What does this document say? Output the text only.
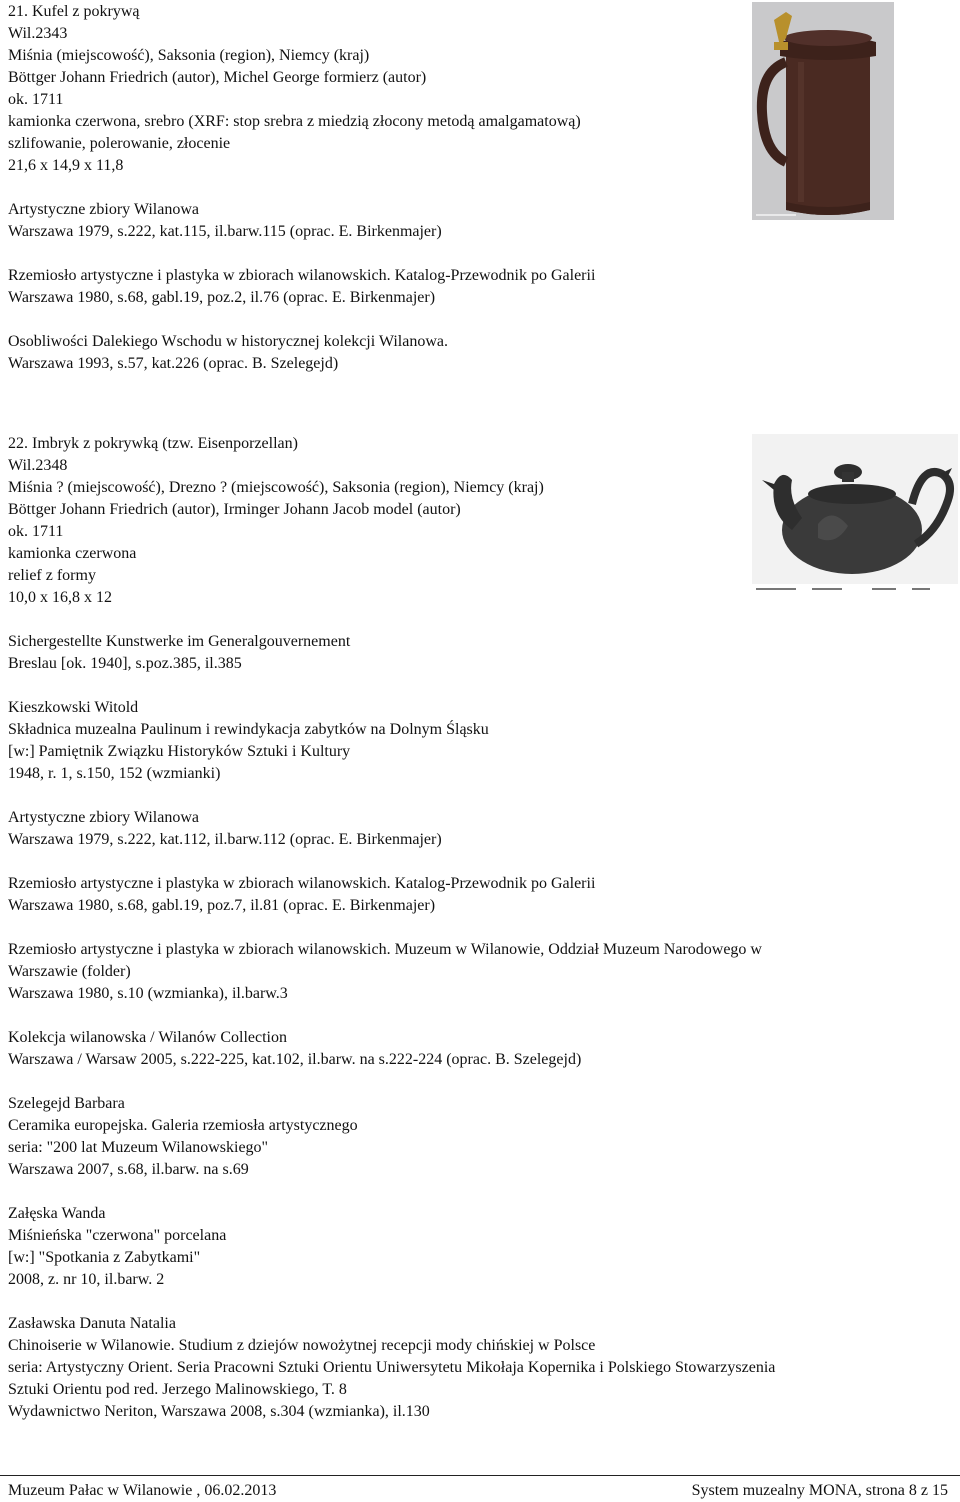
21. Kufel z pokrywą
Wil.2343
Miśnia (miejscowość), Saksonia (region), Niemcy (kraj)
Böttger Johann Friedrich (autor), Michel George formierz (autor)
ok. 1711
kamionka czerwona, srebro (XRF: stop srebra z miedzią złocony metodą amalgamatową)
szlifowanie, polerowanie, złocenie
21,6 x 14,9 x 11,8
Artystyczne zbiory Wilanowa
Warszawa 1979, s.222, kat.115, il.barw.115 (oprac. E. Birkenmajer)
Rzemiosło artystyczne i plastyka w zbiorach wilanowskich. Katalog-Przewodnik po Galerii
Warszawa 1980, s.68, gabl.19, poz.2, il.76 (oprac. E. Birkenmajer)
Osobliwości Dalekiego Wschodu w historycznej kolekcji Wilanowa.
Warszawa 1993, s.57, kat.226 (oprac. B. Szelegejd)
22. Imbryk z pokrywką (tzw. Eisenporzellan)
Wil.2348
Miśnia ? (miejscowość), Drezno ? (miejscowość), Saksonia (region), Niemcy (kraj)
Böttger Johann Friedrich (autor), Irminger Johann Jacob model (autor)
ok. 1711
kamionka czerwona
relief z formy
10,0 x 16,8 x 12
Sichergestellte Kunstwerke im Generalgouvernement
Breslau [ok. 1940], s.poz.385, il.385
Kieszkowski Witold
Składnica muzealna Paulinum i rewindykacja zabytków na Dolnym Śląsku
[w:] Pamiętnik Związku Historyków Sztuki i Kultury
1948, r. 1, s.150, 152 (wzmianki)
Artystyczne zbiory Wilanowa
Warszawa 1979, s.222, kat.112, il.barw.112 (oprac. E. Birkenmajer)
Rzemiosło artystyczne i plastyka w zbiorach wilanowskich. Katalog-Przewodnik po Galerii
Warszawa 1980, s.68, gabl.19, poz.7, il.81 (oprac. E. Birkenmajer)
Rzemiosło artystyczne i plastyka w zbiorach wilanowskich. Muzeum w Wilanowie, Oddział Muzeum Narodowego w
Warszawie (folder)
Warszawa 1980, s.10 (wzmianka), il.barw.3
Kolekcja wilanowska / Wilanów Collection
Warszawa / Warsaw 2005, s.222-225, kat.102, il.barw. na s.222-224 (oprac. B. Szelegejd)
Szelegejd Barbara
Ceramika europejska. Galeria rzemiosła artystycznego
seria: "200 lat Muzeum Wilanowskiego"
Warszawa 2007, s.68, il.barw. na s.69
Załęska Wanda
Miśnieńska "czerwona" porcelana
[w:] "Spotkania z Zabytkami"
2008, z. nr 10, il.barw. 2
Zasławska Danuta Natalia
Chinoiserie w Wilanowie. Studium z dziejów nowożytnej recepcji mody chińskiej w Polsce
seria: Artystyczny Orient. Seria Pracowni Sztuki Orientu Uniwersytetu Mikołaja Kopernika i Polskiego Stowarzyszenia
Sztuki Orientu pod red. Jerzego Malinowskiego, T. 8
Wydawnictwo Neriton, Warszawa 2008, s.304 (wzmianka), il.130
Muzeum Pałac w Wilanowie , 06.02.2013	System muzealny MONA, strona 8 z 15
